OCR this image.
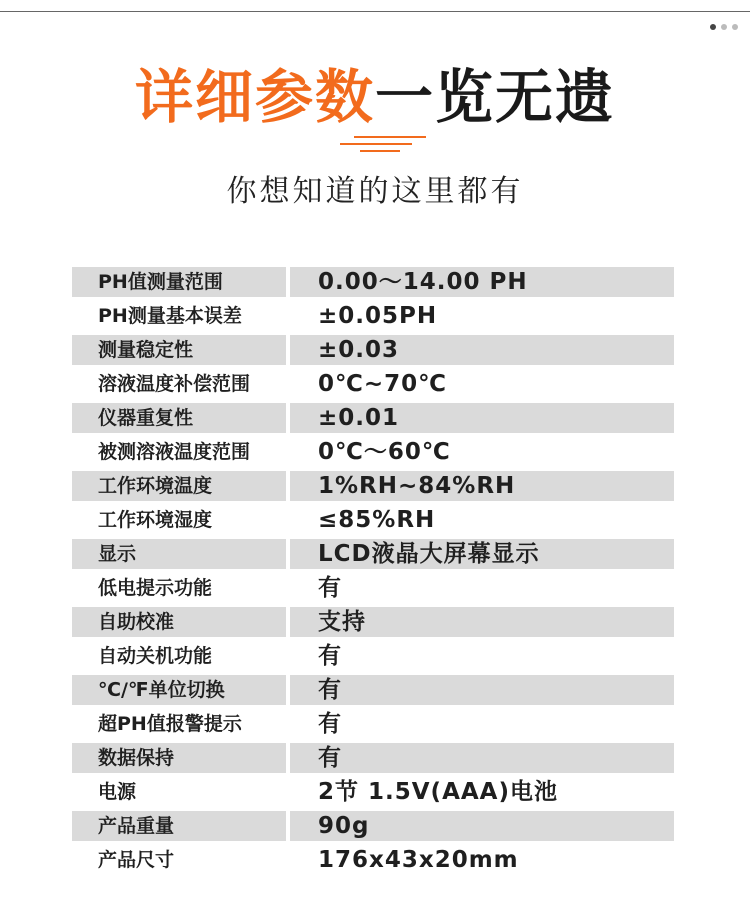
详细参数一览无遗
你想知道的这里都有
PH值测量范围	0.00～14.00 PH
PH测量基本误差	±0.05PH
测量稳定性	±0.03
溶液温度补偿范围	0℃~70℃
仪器重复性	±0.01
被测溶液温度范围	0℃～60℃
工作环境温度	1%RH~84%RH
工作环境湿度	≤85%RH
显示	LCD液晶大屏幕显示
低电提示功能	有
自助校准	支持
自动关机功能	有
℃/℉单位切换	有
超PH值报警提示	有
数据保持	有
电源	2节 1.5V(AAA)电池
产品重量	90g
产品尺寸	176x43x20mm
